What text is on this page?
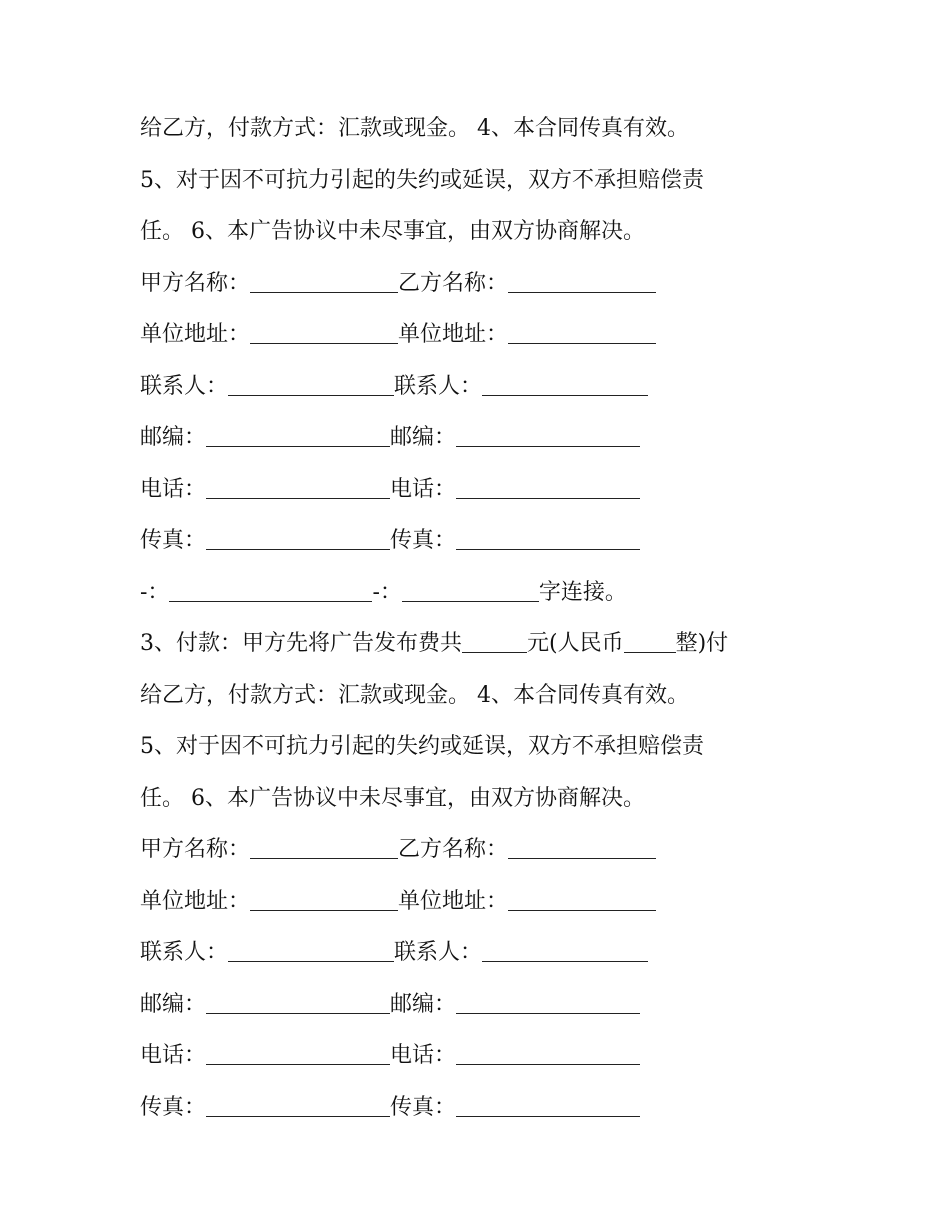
给乙方，付款方式：汇款或现金。 4、本合同传真有效。
5、对于因不可抗力引起的失约或延误，双方不承担赔偿责
任。 6、本广告协议中未尽事宜，由双方协商解决。
甲方名称：	乙方名称：
单位地址：	单位地址：
联系人：	联系人：
邮编：	邮编：
电话：	电话：
传真：	传真：
-：	-：	字连接。
3、付款：甲方先将广告发布费共	元(人民币 整)付
给乙方，付款方式：汇款或现金。 4、本合同传真有效。
5、对于因不可抗力引起的失约或延误，双方不承担赔偿责
任。 6、本广告协议中未尽事宜，由双方协商解决。
甲方名称：	乙方名称：
单位地址：	单位地址：
联系人：	联系人：
邮编：	邮编：
电话：	电话：
传真：	传真：
